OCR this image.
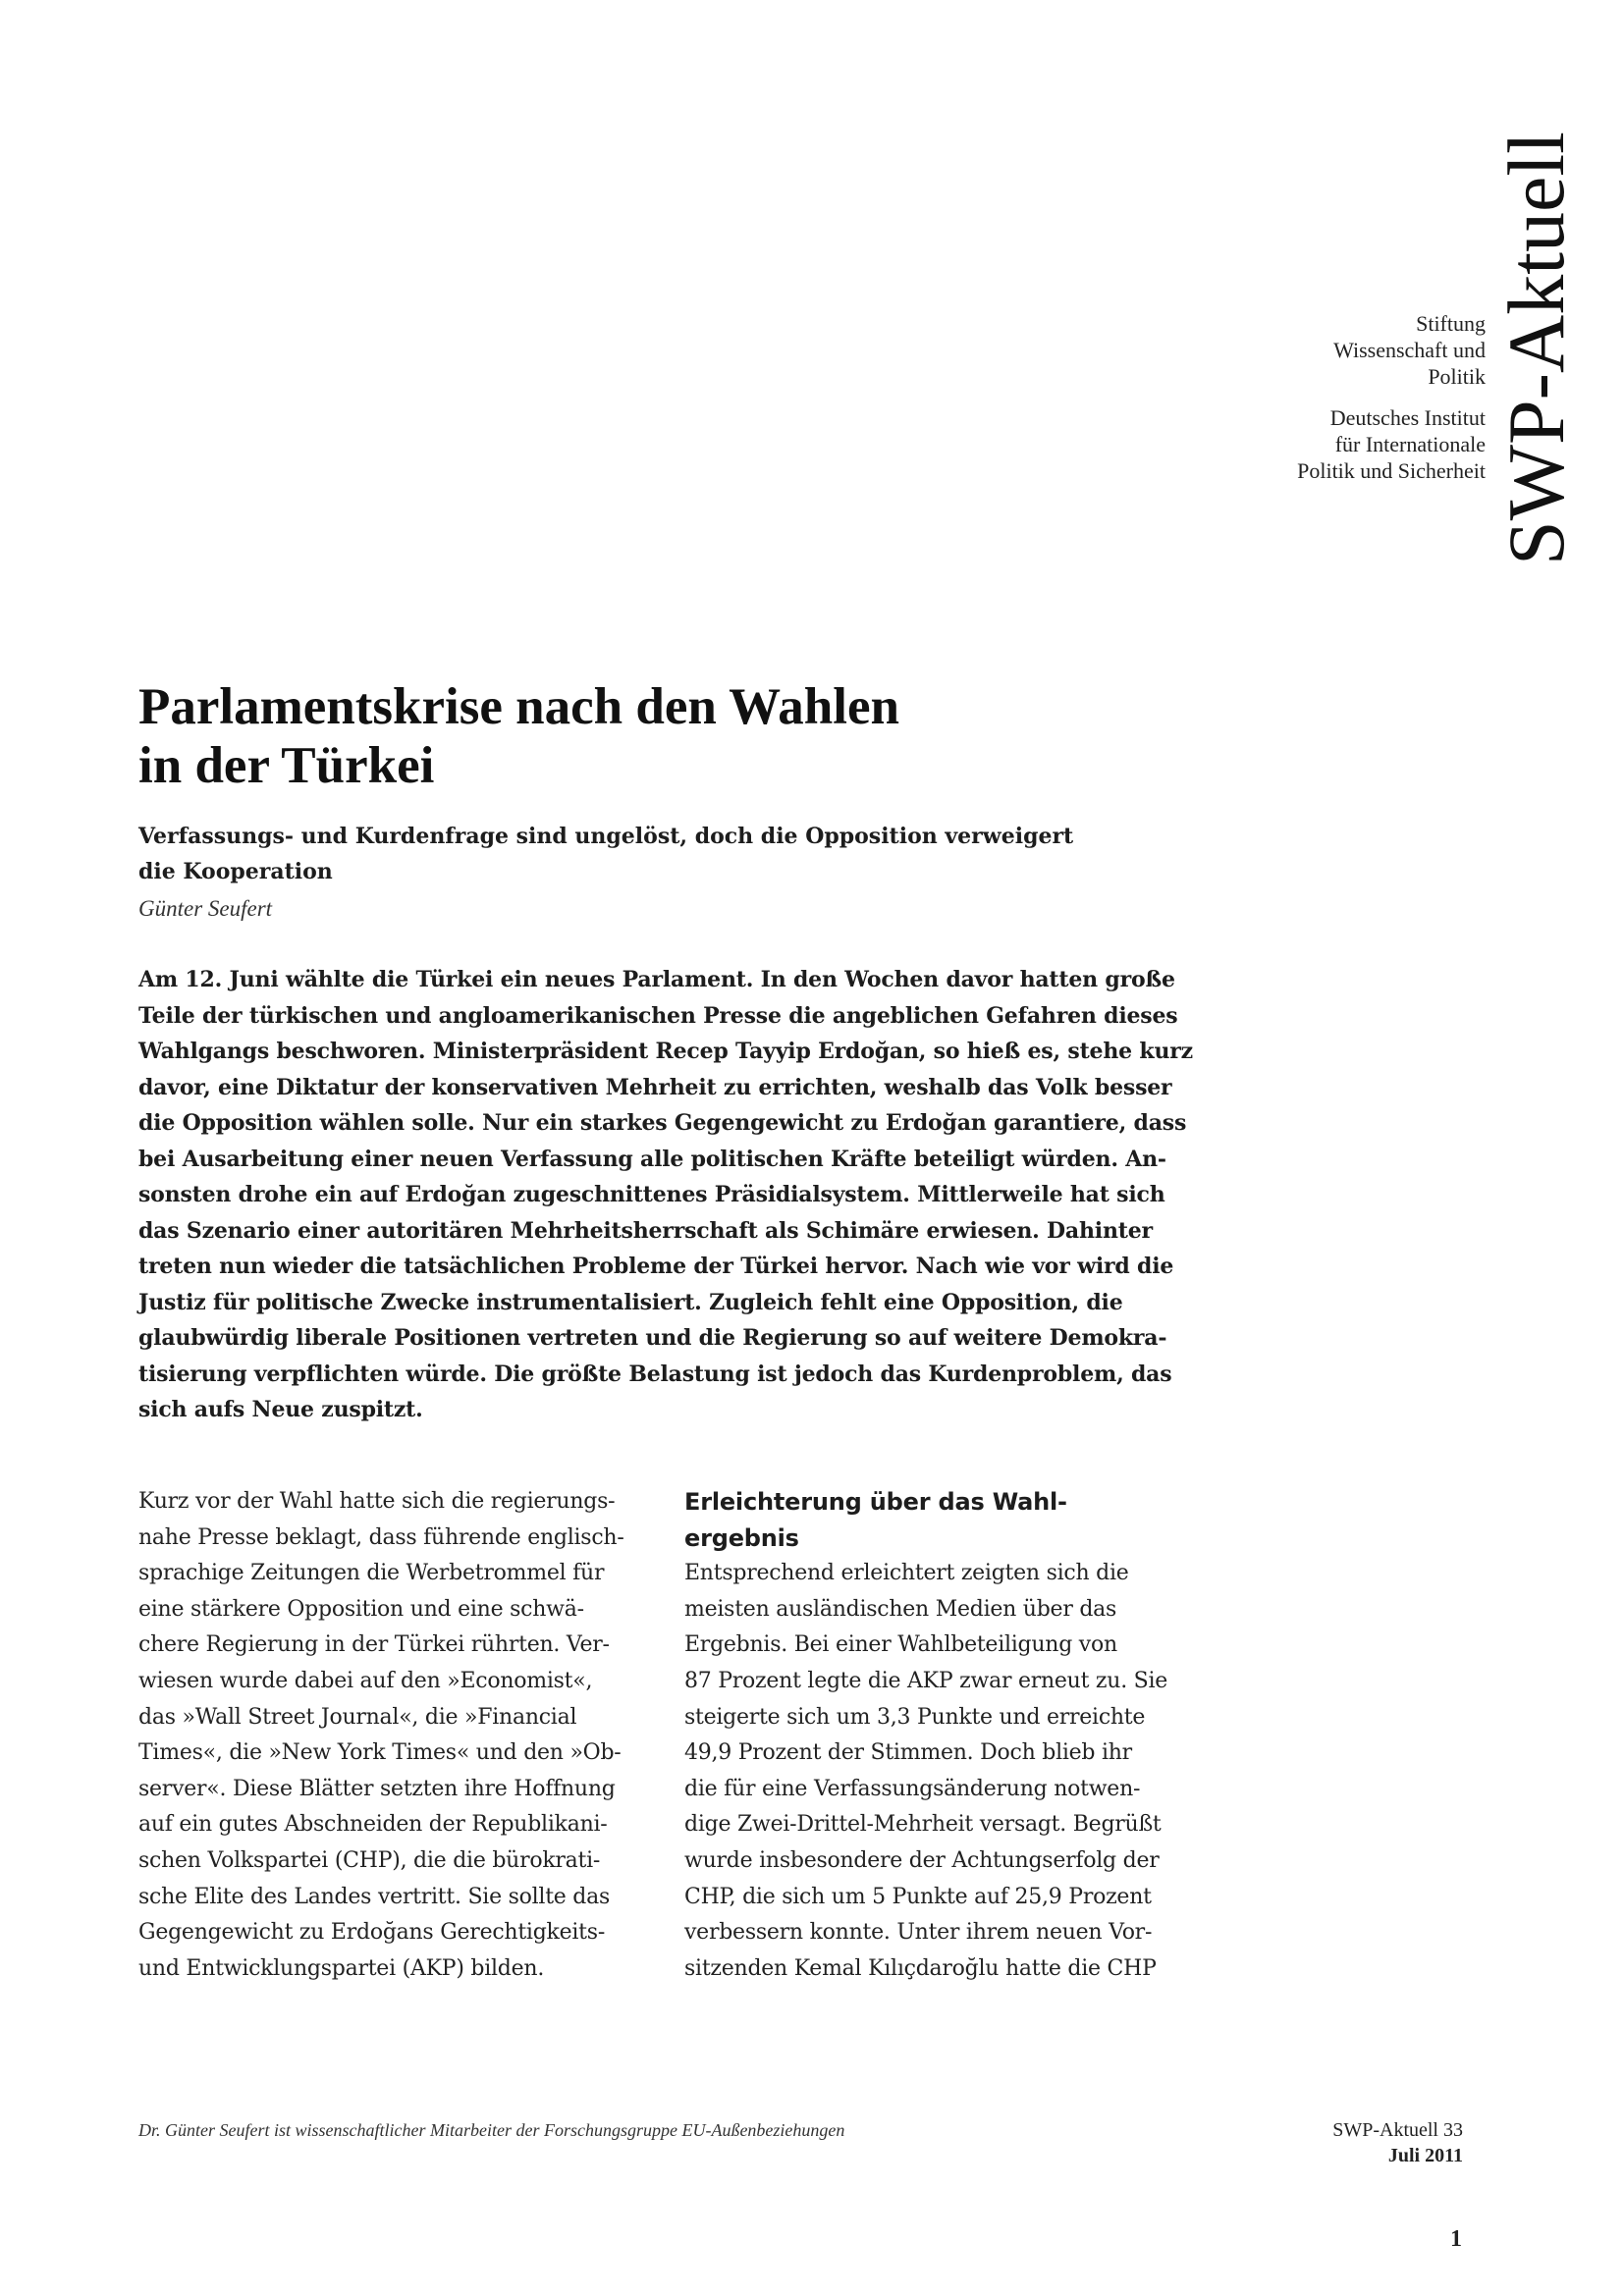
SWP-Aktuell
Stiftung
Wissenschaft und
Politik
Deutsches Institut
für Internationale
Politik und Sicherheit
Parlamentskrise nach den Wahlen
in der Türkei

Verfassungs- und Kurdenfrage sind ungelöst, doch die Opposition verweigert
die Kooperation

Günter Seufert
Am 12. Juni wählte die Türkei ein neues Parlament. In den Wochen davor hatten große
Teile der türkischen und angloamerikanischen Presse die angeblichen Gefahren dieses
Wahlgangs beschworen. Ministerpräsident Recep Tayyip Erdoğan, so hieß es, stehe kurz
davor, eine Diktatur der konservativen Mehrheit zu errichten, weshalb das Volk besser
die Opposition wählen solle. Nur ein starkes Gegengewicht zu Erdoğan garantiere, dass
bei Ausarbeitung einer neuen Verfassung alle politischen Kräfte beteiligt würden. An-
sonsten drohe ein auf Erdoğan zugeschnittenes Präsidialsystem. Mittlerweile hat sich
das Szenario einer autoritären Mehrheitsherrschaft als Schimäre erwiesen. Dahinter
treten nun wieder die tatsächlichen Probleme der Türkei hervor. Nach wie vor wird die
Justiz für politische Zwecke instrumentalisiert. Zugleich fehlt eine Opposition, die
glaubwürdig liberale Positionen vertreten und die Regierung so auf weitere Demokra-
tisierung verpflichten würde. Die größte Belastung ist jedoch das Kurdenproblem, das
sich aufs Neue zuspitzt.
Kurz vor der Wahl hatte sich die regierungs-
nahe Presse beklagt, dass führende englisch-
sprachige Zeitungen die Werbetrommel für
eine stärkere Opposition und eine schwä-
chere Regierung in der Türkei rührten. Ver-
wiesen wurde dabei auf den »Economist«,
das »Wall Street Journal«, die »Financial
Times«, die »New York Times« und den »Ob-
server«. Diese Blätter setzten ihre Hoffnung
auf ein gutes Abschneiden der Republikani-
schen Volkspartei (CHP), die die bürokrati-
sche Elite des Landes vertritt. Sie sollte das
Gegengewicht zu Erdoğans Gerechtigkeits-
und Entwicklungspartei (AKP) bilden.
Erleichterung über das Wahl-
ergebnis
Entsprechend erleichtert zeigten sich die
meisten ausländischen Medien über das
Ergebnis. Bei einer Wahlbeteiligung von
87 Prozent legte die AKP zwar erneut zu. Sie
steigerte sich um 3,3 Punkte und erreichte
49,9 Prozent der Stimmen. Doch blieb ihr
die für eine Verfassungsänderung notwen-
dige Zwei-Drittel-Mehrheit versagt. Begrüßt
wurde insbesondere der Achtungserfolg der
CHP, die sich um 5 Punkte auf 25,9 Prozent
verbessern konnte. Unter ihrem neuen Vor-
sitzenden Kemal Kılıçdaroğlu hatte die CHP
Dr. Günter Seufert ist wissenschaftlicher Mitarbeiter der Forschungsgruppe EU-Außenbeziehungen	SWP-Aktuell 33
Juli 2011
1
